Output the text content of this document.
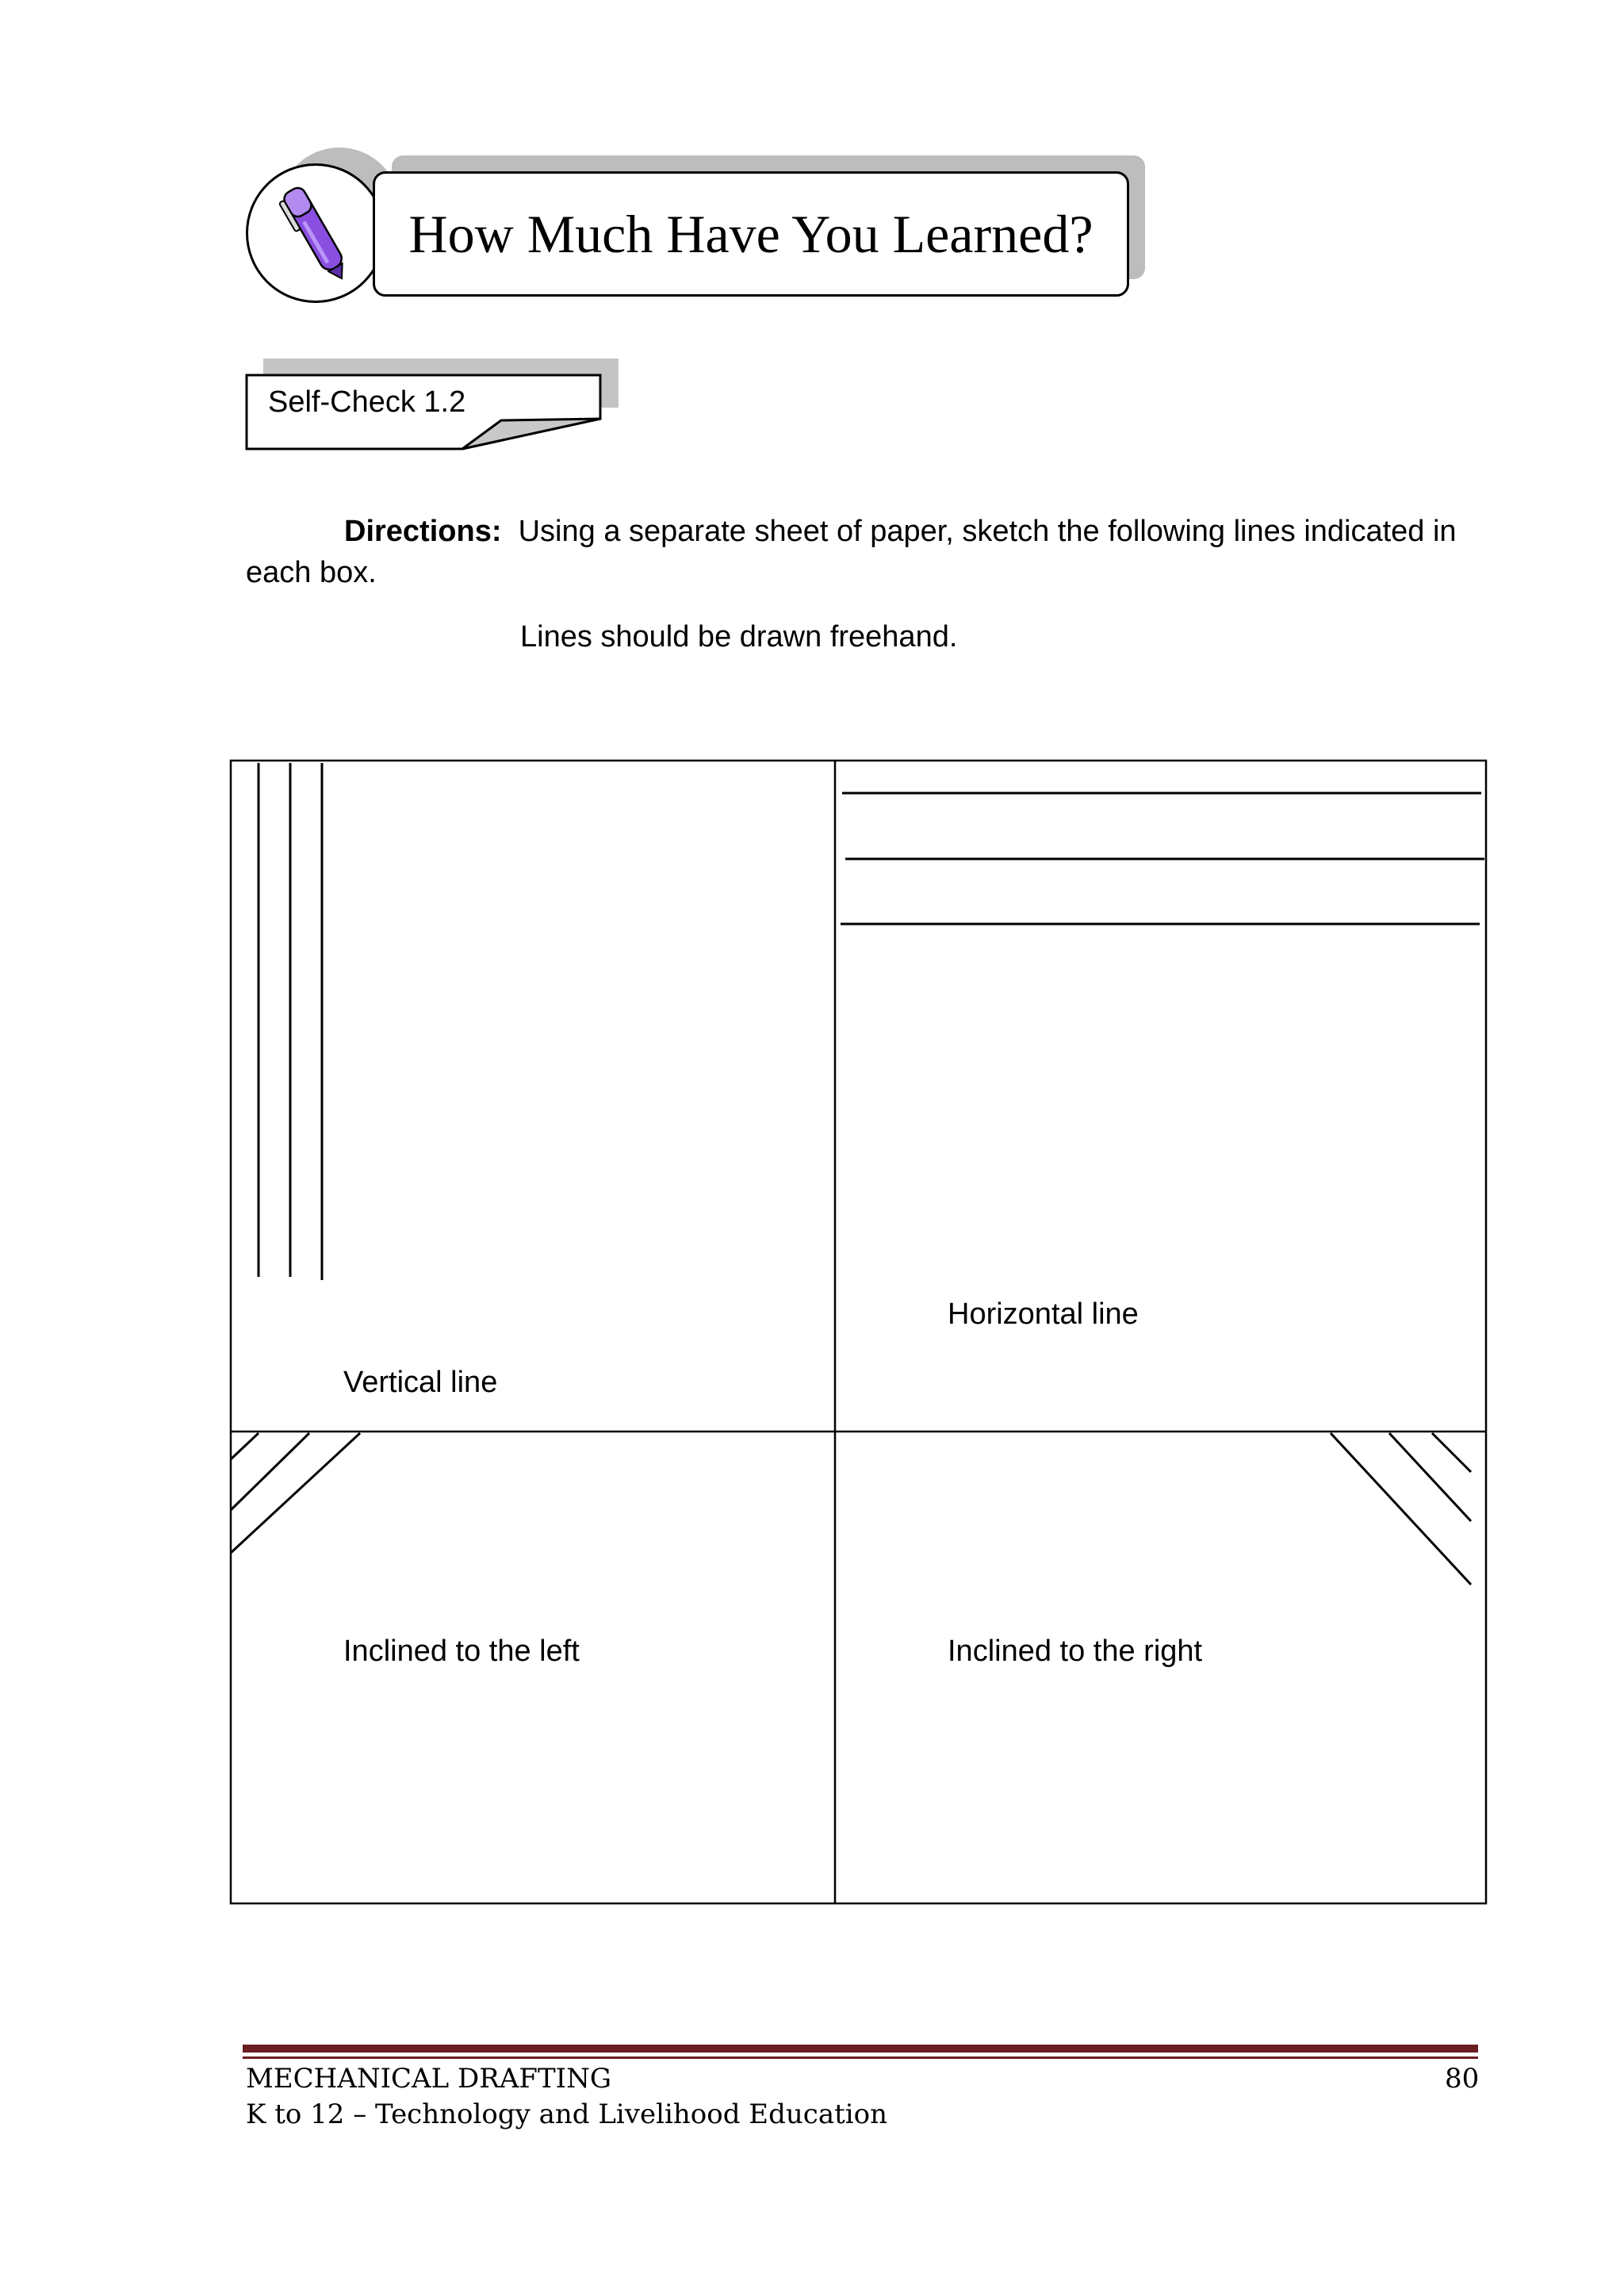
How Much Have You Learned?
Self-Check 1.2
Directions: Using a separate sheet of paper, sketch the following lines indicated in each box.
Lines should be drawn freehand.
Vertical line
Horizontal line
Inclined to the left	Inclined to the right
MECHANICAL DRAFTING	80
K to 12 – Technology and Livelihood Education
